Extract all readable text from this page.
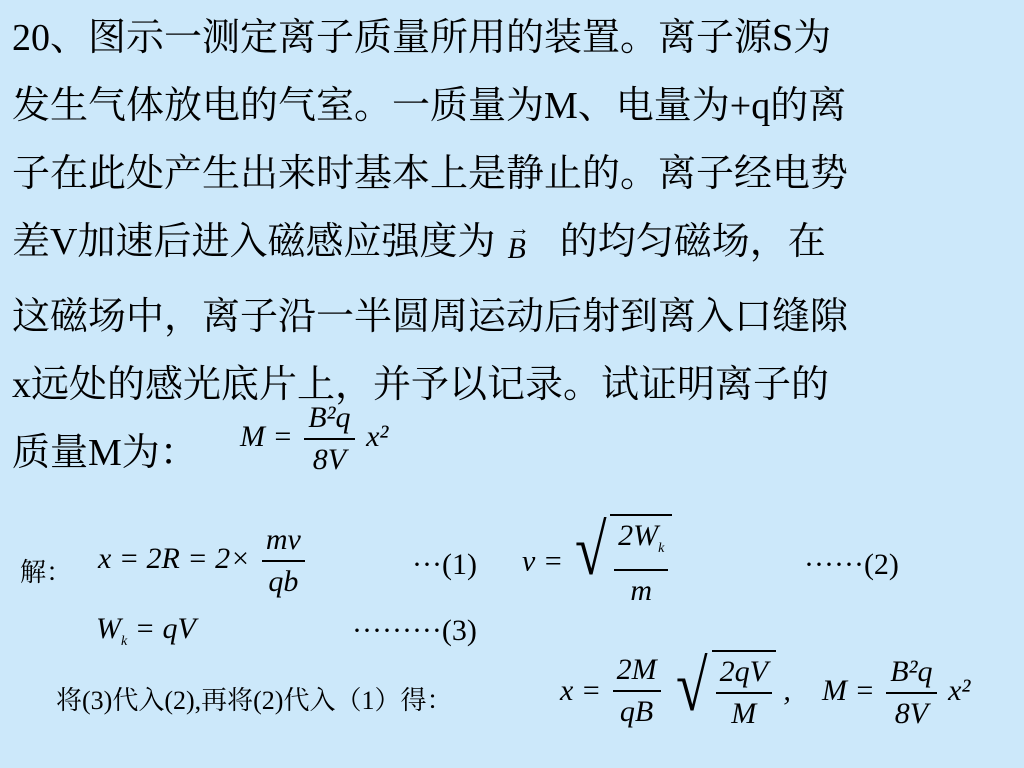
20、图示一测定离子质量所用的装置。离子源S为
发生气体放电的气室。一质量为M、电量为+q的离
子在此处产生出来时基本上是静止的。离子经电势
差V加速后进入磁感应强度为 →
B 的均匀磁场，在
这磁场中，离子沿一半圆周运动后射到离入口缝隙
x远处的感光底片上，并予以记录。试证明离子的
质量M为：	$M = \frac{\text{B²q}}{8V} x^2$
解： $x = 2R = 2\times \frac{mv}{qb}$	···(1) v = √ $\frac{2W_k}{m}$	······(2)
$W_k$ = qV	·········(3)
将(3)代入(2),再将(2)代入（1）得：	$x = \frac{2M}{qB}$
√ $\frac{2qV}{M}$ , $M = \frac{\text{B²q}}{8V} x^2$
